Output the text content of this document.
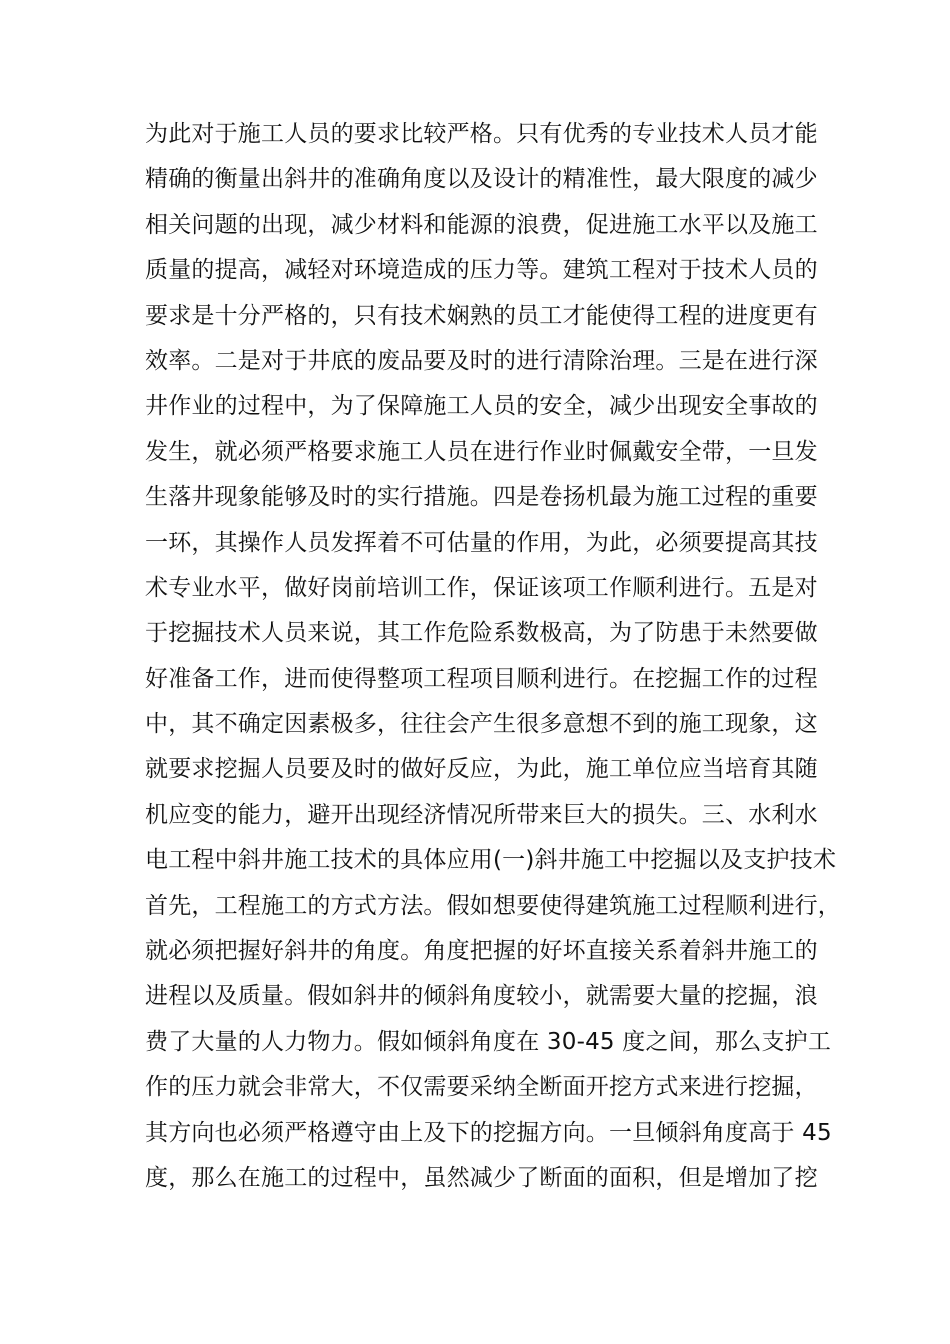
为此对于施工人员的要求比较严格。只有优秀的专业技术人员才能
精确的衡量出斜井的准确角度以及设计的精准性，最大限度的减少
相关问题的出现，减少材料和能源的浪费，促进施工水平以及施工
质量的提高，减轻对环境造成的压力等。建筑工程对于技术人员的
要求是十分严格的，只有技术娴熟的员工才能使得工程的进度更有
效率。二是对于井底的废品要及时的进行清除治理。三是在进行深
井作业的过程中，为了保障施工人员的安全，减少出现安全事故的
发生，就必须严格要求施工人员在进行作业时佩戴安全带，一旦发
生落井现象能够及时的实行措施。四是卷扬机最为施工过程的重要
一环，其操作人员发挥着不可估量的作用，为此，必须要提高其技
术专业水平，做好岗前培训工作，保证该项工作顺利进行。五是对
于挖掘技术人员来说，其工作危险系数极高，为了防患于未然要做
好准备工作，进而使得整项工程项目顺利进行。在挖掘工作的过程
中，其不确定因素极多，往往会产生很多意想不到的施工现象，这
就要求挖掘人员要及时的做好反应，为此，施工单位应当培育其随
机应变的能力，避开出现经济情况所带来巨大的损失。三、水利水
电工程中斜井施工技术的具体应用(一)斜井施工中挖掘以及支护技术
首先，工程施工的方式方法。假如想要使得建筑施工过程顺利进行，
就必须把握好斜井的角度。角度把握的好坏直接关系着斜井施工的
进程以及质量。假如斜井的倾斜角度较小，就需要大量的挖掘，浪
费了大量的人力物力。假如倾斜角度在 30-45 度之间，那么支护工
作的压力就会非常大，不仅需要采纳全断面开挖方式来进行挖掘，
其方向也必须严格遵守由上及下的挖掘方向。一旦倾斜角度高于 45
度，那么在施工的过程中，虽然减少了断面的面积，但是增加了挖
